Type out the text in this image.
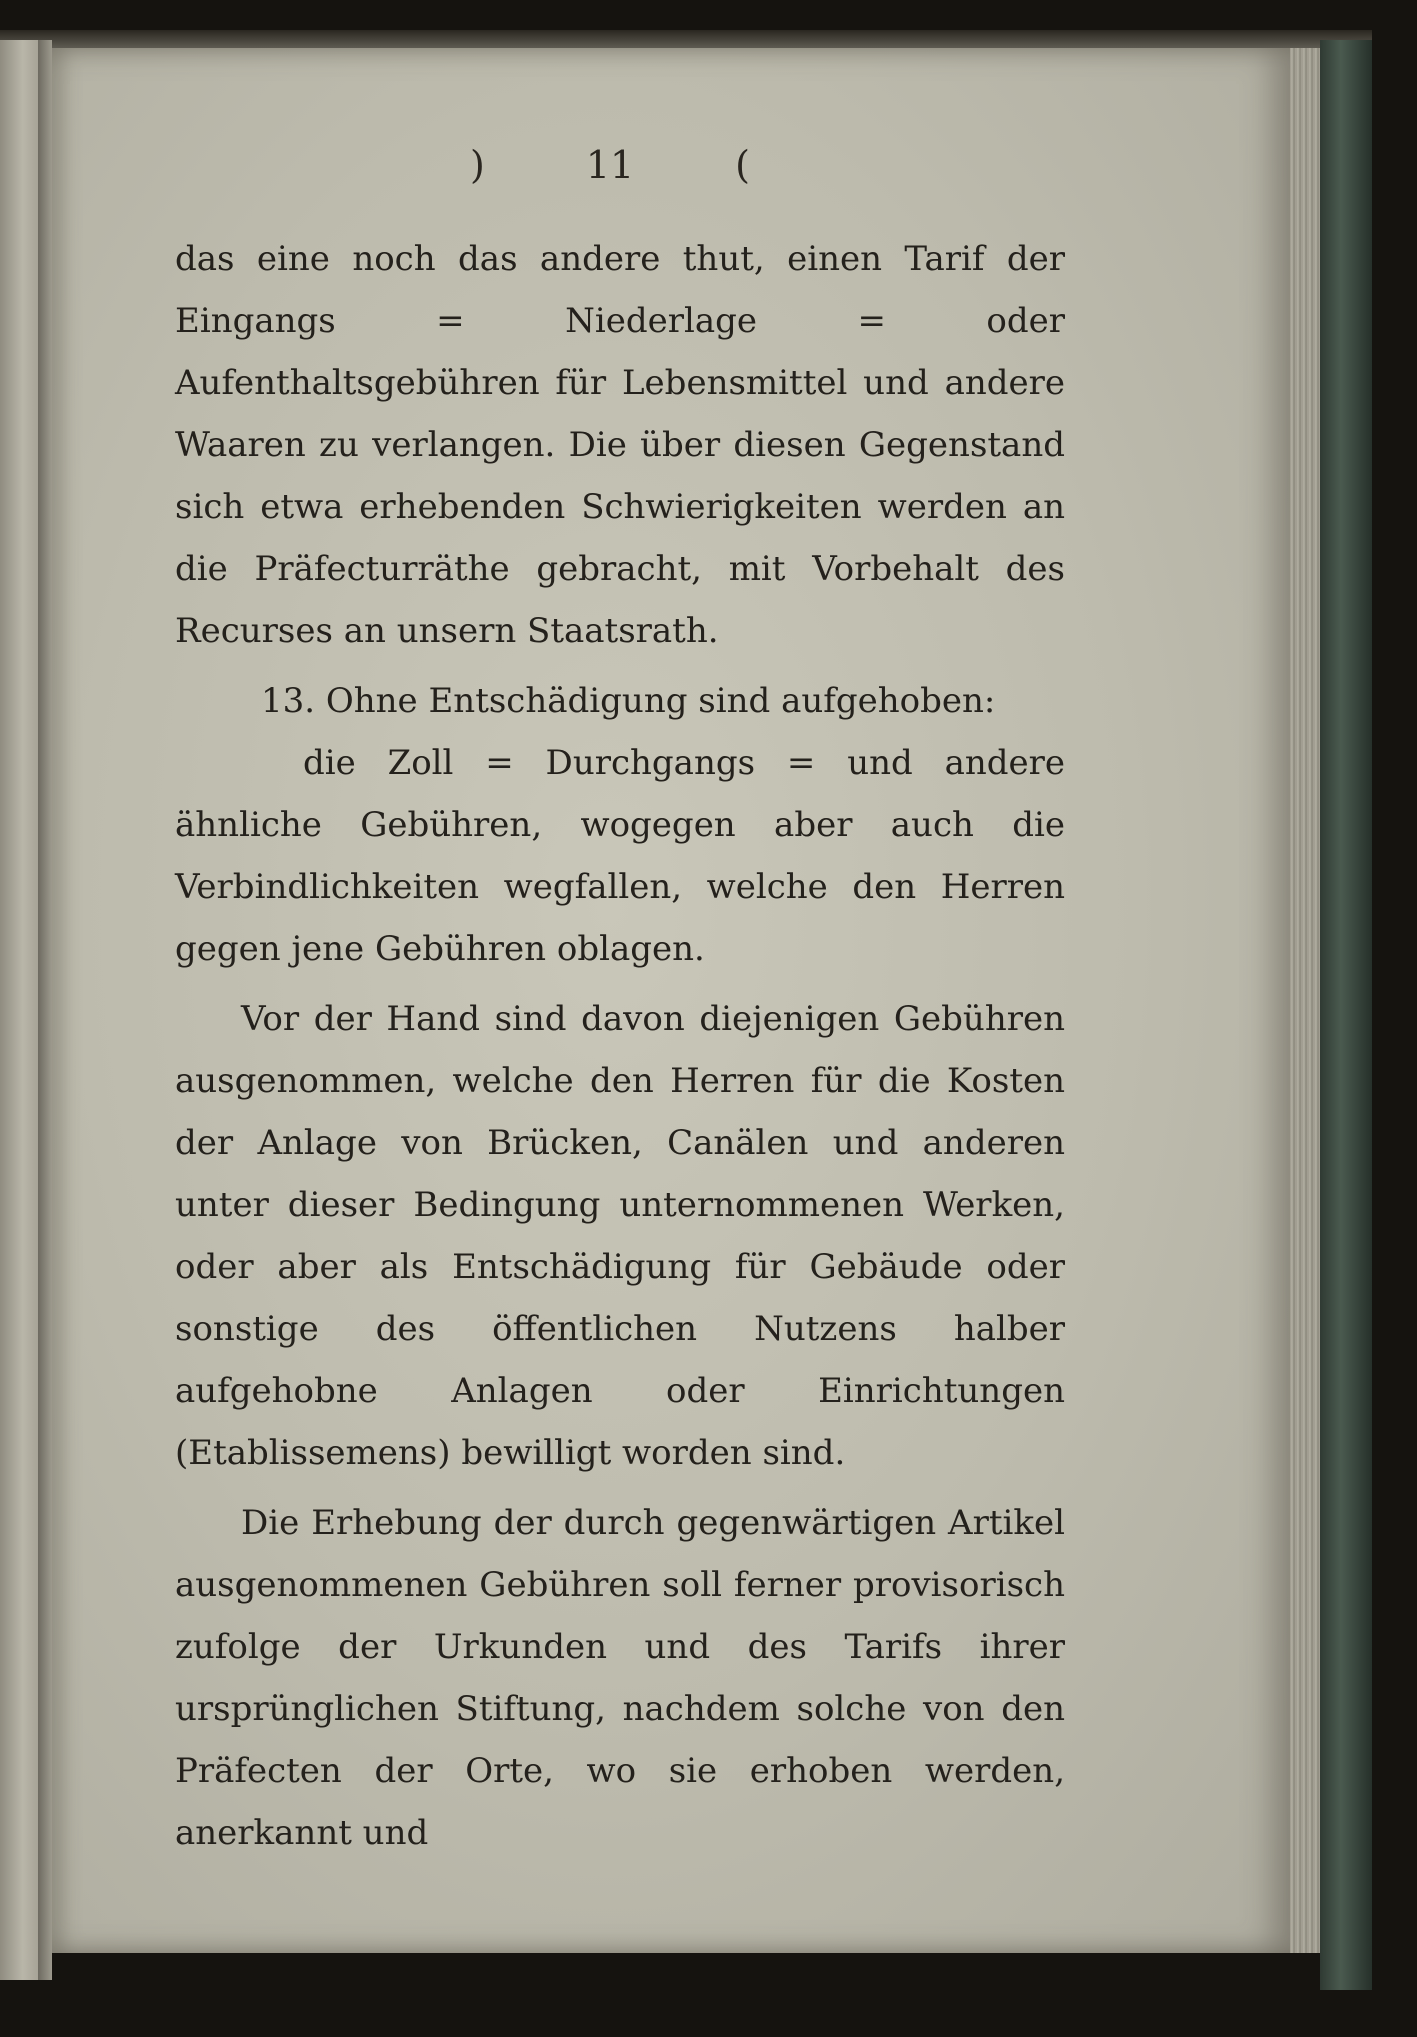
)	11	(

das eine noch das andere thut, einen Tarif der Eingangs = Niederlage = oder Aufenthaltsgebühren für Lebensmittel und andere Waaren zu verlangen. Die über diesen Gegenstand sich etwa erhebenden Schwierigkeiten werden an die Präfecturräthe gebracht, mit Vorbehalt des Recurses an unsern Staatsrath.

13. Ohne Entschädigung sind aufgehoben:

die Zoll = Durchgangs = und andere ähnliche Gebühren, wogegen aber auch die Verbindlichkeiten wegfallen, welche den Herren gegen jene Gebühren oblagen.

Vor der Hand sind davon diejenigen Gebühren ausgenommen, welche den Herren für die Kosten der Anlage von Brücken, Canälen und anderen unter dieser Bedingung unternommenen Werken, oder aber als Entschädigung für Gebäude oder sonstige des öffentlichen Nutzens halber aufgehobne Anlagen oder Einrichtungen (Etablissemens) bewilligt worden sind.

Die Erhebung der durch gegenwärtigen Artikel ausgenommenen Gebühren soll ferner provisorisch zufolge der Urkunden und des Tarifs ihrer ursprünglichen Stiftung, nachdem solche von den Präfecten der Orte, wo sie erhoben werden, anerkannt und
